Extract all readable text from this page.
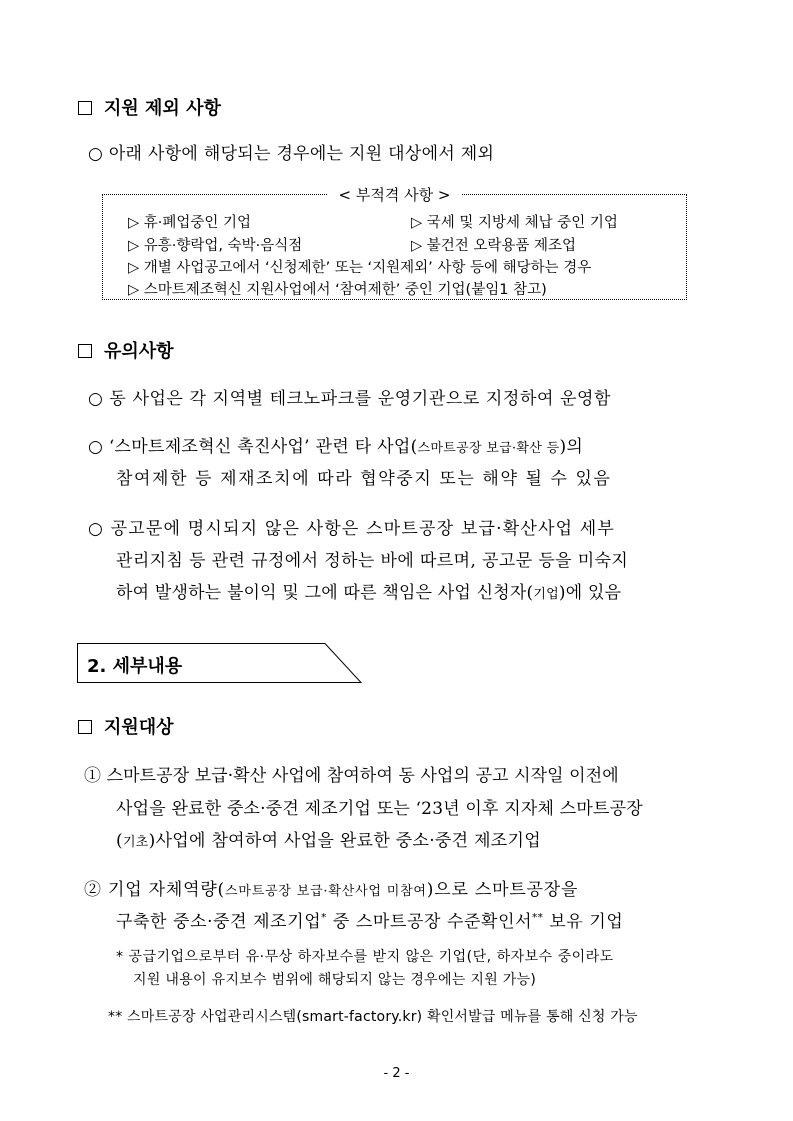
지원 제외 사항
○ 아래 사항에 해당되는 경우에는 지원 대상에서 제외
< 부적격 사항 >
▷ 휴·폐업중인 기업	▷ 국세 및 지방세 체납 중인 기업
▷ 유흥·향락업, 숙박·음식점	▷ 불건전 오락용품 제조업
▷ 개별 사업공고에서 ‘신청제한’ 또는 ‘지원제외’ 사항 등에 해당하는 경우
▷ 스마트제조혁신 지원사업에서 ‘참여제한’ 중인 기업(붙임1 참고)
유의사항
○ 동 사업은 각 지역별 테크노파크를 운영기관으로 지정하여 운영함
○ ‘스마트제조혁신 촉진사업’ 관련 타 사업(스마트공장 보급·확산 등)의
참여제한 등 제재조치에 따라 협약중지 또는 해약 될 수 있음
○ 공고문에 명시되지 않은 사항은 스마트공장 보급·확산사업 세부
관리지침 등 관련 규정에서 정하는 바에 따르며, 공고문 등을 미숙지
하여 발생하는 불이익 및 그에 따른 책임은 사업 신청자(기업)에 있음
2. 세부내용
지원대상
① 스마트공장 보급·확산 사업에 참여하여 동 사업의 공고 시작일 이전에
사업을 완료한 중소·중견 제조기업 또는 ‘23년 이후 지자체 스마트공장
(기초)사업에 참여하여 사업을 완료한 중소·중견 제조기업
② 기업 자체역량(스마트공장 보급·확산사업 미참여)으로 스마트공장을
구축한 중소·중견 제조기업* 중 스마트공장 수준확인서** 보유 기업
* 공급기업으로부터 유·무상 하자보수를 받지 않은 기업(단, 하자보수 중이라도
지원 내용이 유지보수 범위에 해당되지 않는 경우에는 지원 가능)
** 스마트공장 사업관리시스템(smart-factory.kr) 확인서발급 메뉴를 통해 신청 가능
- 2 -
